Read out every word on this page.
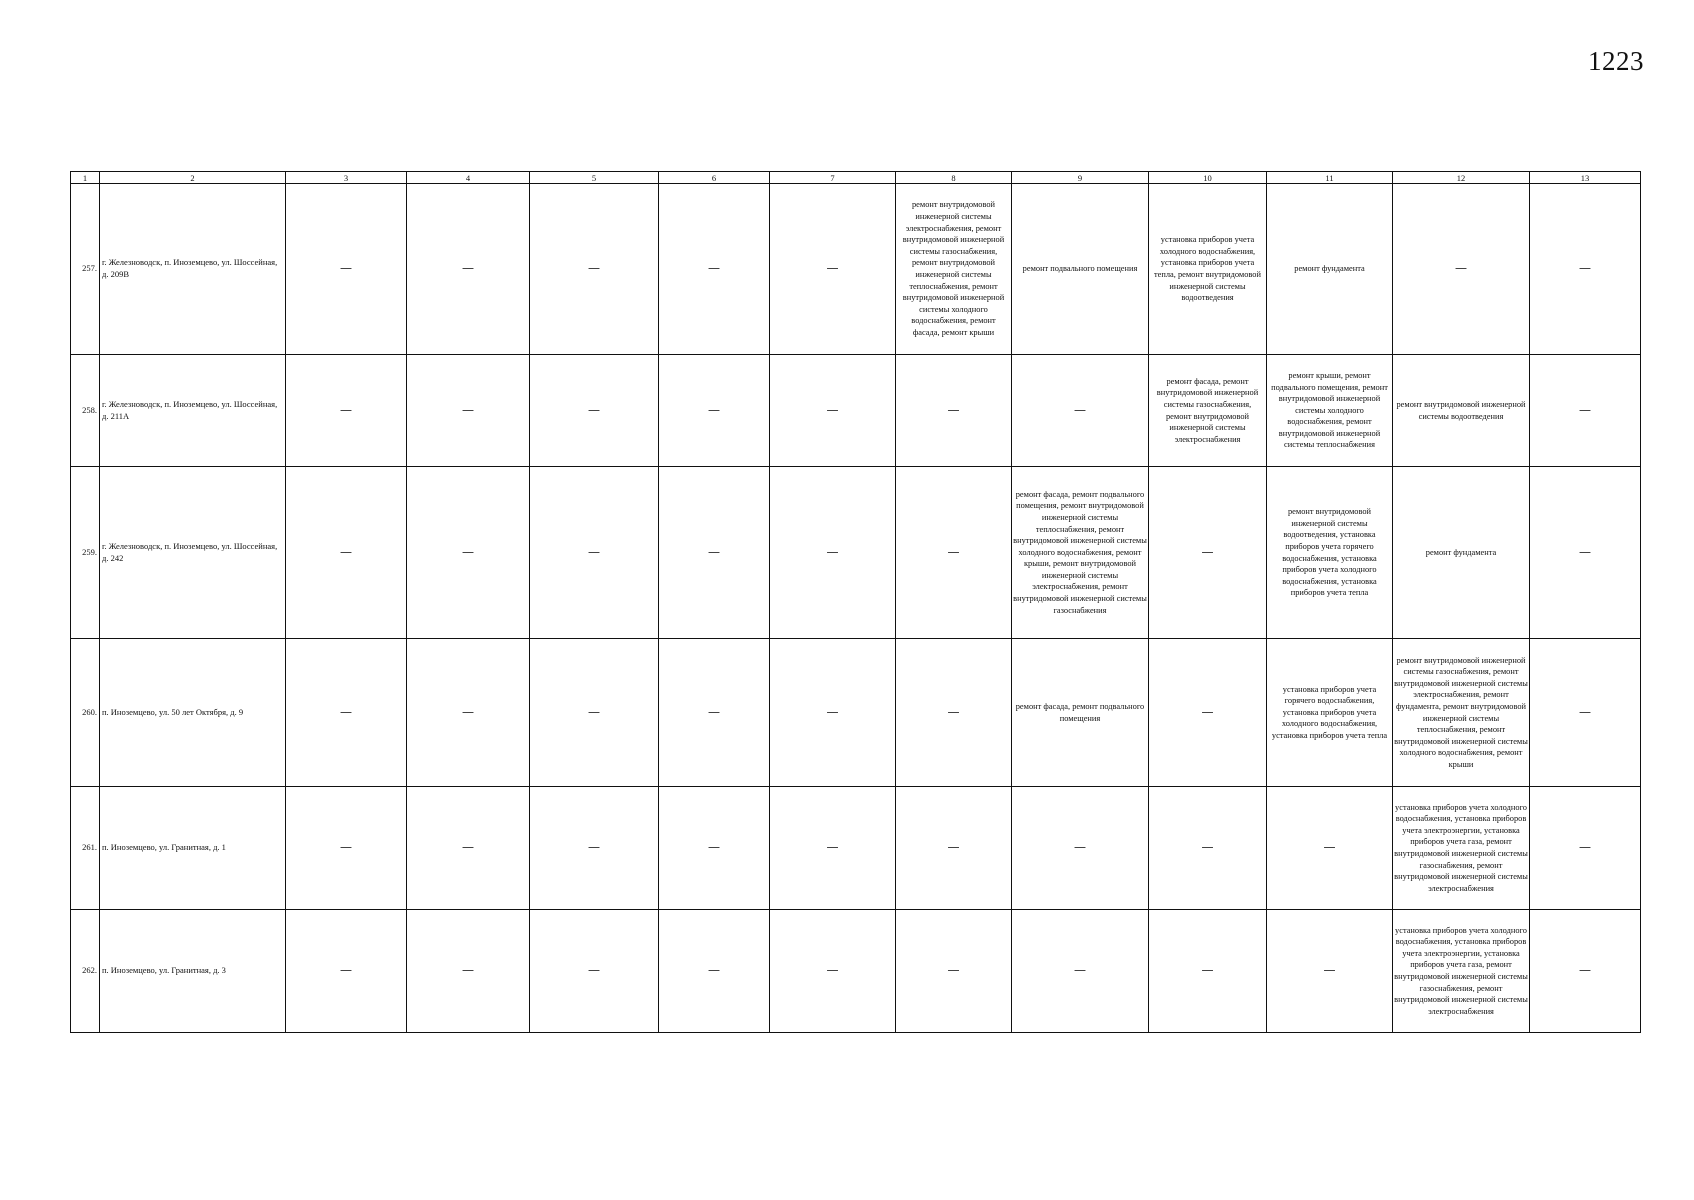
1223
1	2	3	4	5	6	7	8	9	10	11	12	13
257.	г. Железноводск, п. Иноземцево, ул. Шоссейная, д. 209В	—	—	—	—	—	ремонт внутридомовой инженерной системы электроснабжения, ремонт внутридомовой инженерной системы газоснабжения, ремонт внутридомовой инженерной системы теплоснабжения, ремонт внутридомовой инженерной системы холодного водоснабжения, ремонт фасада, ремонт крыши	ремонт подвального помещения	установка приборов учета холодного водоснабжения, установка приборов учета тепла, ремонт внутридомовой инженерной системы водоотведения	ремонт фундамента	—	—
258.	г. Железноводск, п. Иноземцево, ул. Шоссейная, д. 211А	—	—	—	—	—	—	—	ремонт фасада, ремонт внутридомовой инженерной системы газоснабжения, ремонт внутридомовой инженерной системы электроснабжения	ремонт крыши, ремонт подвального помещения, ремонт внутридомовой инженерной системы холодного водоснабжения, ремонт внутридомовой инженерной системы теплоснабжения	ремонт внутридомовой инженерной системы водоотведения	—
259.	г. Железноводск, п. Иноземцево, ул. Шоссейная, д. 242	—	—	—	—	—	—	ремонт фасада, ремонт подвального помещения, ремонт внутридомовой инженерной системы теплоснабжения, ремонт внутридомовой инженерной системы холодного водоснабжения, ремонт крыши, ремонт внутридомовой инженерной системы электроснабжения, ремонт внутридомовой инженерной системы газоснабжения	—	ремонт внутридомовой инженерной системы водоотведения, установка приборов учета горячего водоснабжения, установка приборов учета холодного водоснабжения, установка приборов учета тепла	ремонт фундамента	—
260.	п. Иноземцево, ул. 50 лет Октября, д. 9	—	—	—	—	—	—	ремонт фасада, ремонт подвального помещения	—	установка приборов учета горячего водоснабжения, установка приборов учета холодного водоснабжения, установка приборов учета тепла	ремонт внутридомовой инженерной системы газоснабжения, ремонт внутридомовой инженерной системы электроснабжения, ремонт фундамента, ремонт внутридомовой инженерной системы теплоснабжения, ремонт внутридомовой инженерной системы холодного водоснабжения, ремонт крыши	—
261.	п. Иноземцево, ул. Гранитная, д. 1	—	—	—	—	—	—	—	—	—	установка приборов учета холодного водоснабжения, установка приборов учета электроэнергии, установка приборов учета газа, ремонт внутридомовой инженерной системы газоснабжения, ремонт внутридомовой инженерной системы электроснабжения	—
262.	п. Иноземцево, ул. Гранитная, д. 3	—	—	—	—	—	—	—	—	—	установка приборов учета холодного водоснабжения, установка приборов учета электроэнергии, установка приборов учета газа, ремонт внутридомовой инженерной системы газоснабжения, ремонт внутридомовой инженерной системы электроснабжения	—
